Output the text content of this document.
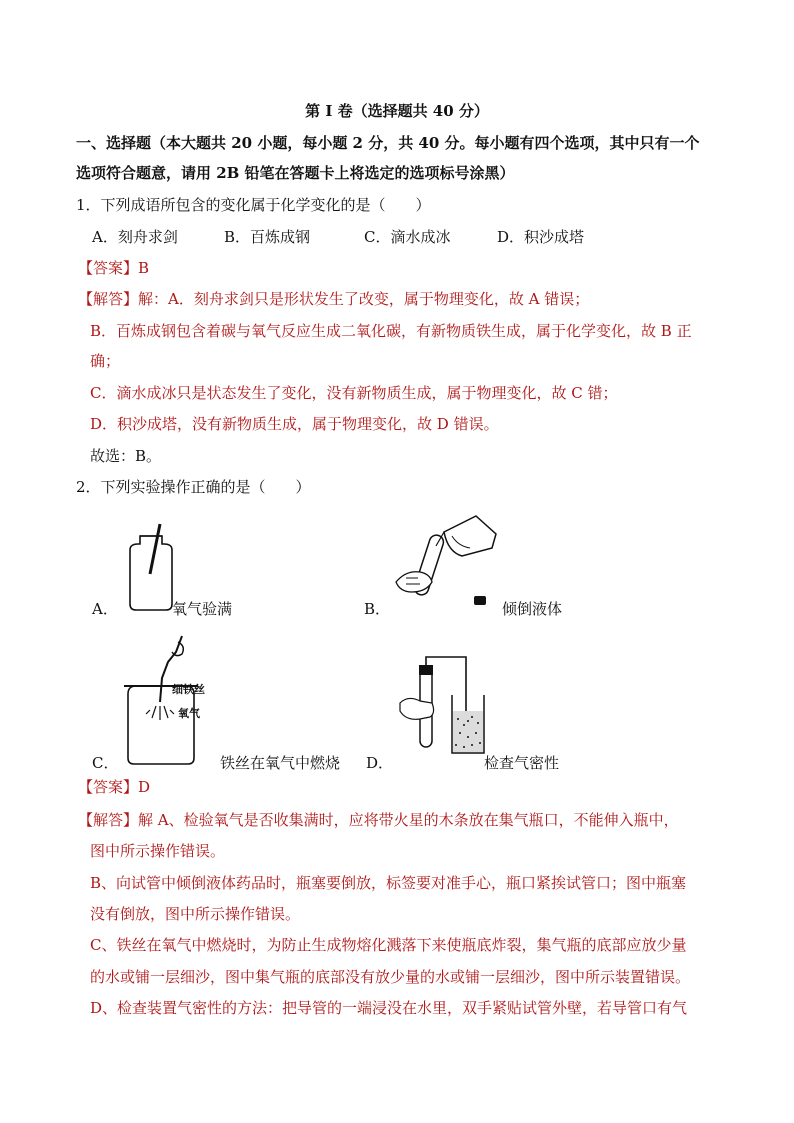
第 I 卷（选择题共 40 分）
一、选择题（本大题共 20 小题，每小题 2 分，共 40 分。每小题有四个选项，其中只有一个
选项符合题意，请用 2B 铅笔在答题卡上将选定的选项标号涂黑）
1．下列成语所包含的变化属于化学变化的是（　　）
A．刻舟求剑	B．百炼成钢	C．滴水成冰	D．积沙成塔
【答案】B
【解答】解：A．刻舟求剑只是形状发生了改变，属于物理变化，故 A 错误；
B．百炼成钢包含着碳与氧气反应生成二氧化碳，有新物质铁生成，属于化学变化，故 B 正
确；
C．滴水成冰只是状态发生了变化，没有新物质生成，属于物理变化，故 C 错；
D．积沙成塔，没有新物质生成，属于物理变化，故 D 错误。
故选：B。
2．下列实验操作正确的是（　　）
A．	氧气验满	B．	倾倒液体
细铁丝
氧气
C．	铁丝在氧气中燃烧 D．	检查气密性
【答案】D
【解答】解 A、检验氧气是否收集满时，应将带火星的木条放在集气瓶口，不能伸入瓶中，
图中所示操作错误。
B、向试管中倾倒液体药品时，瓶塞要倒放，标签要对准手心，瓶口紧挨试管口；图中瓶塞
没有倒放，图中所示操作错误。
C、铁丝在氧气中燃烧时，为防止生成物熔化溅落下来使瓶底炸裂，集气瓶的底部应放少量
的水或铺一层细沙，图中集气瓶的底部没有放少量的水或铺一层细沙，图中所示装置错误。
D、检查装置气密性的方法：把导管的一端浸没在水里，双手紧贴试管外壁，若导管口有气
